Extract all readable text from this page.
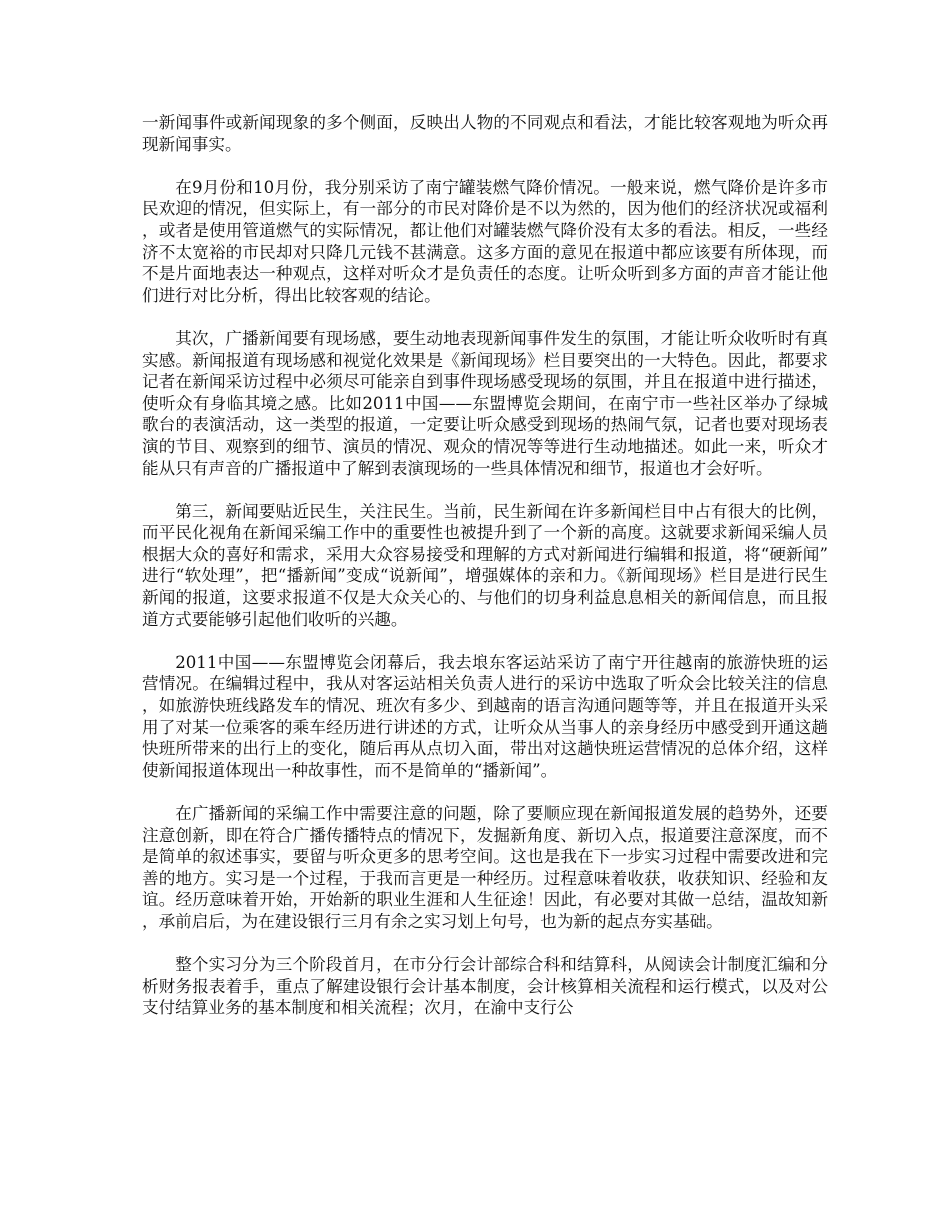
一新闻事件或新闻现象的多个侧面，反映出人物的不同观点和看法，才能比较客观地为听众再现新闻事实。

在9月份和10月份，我分别采访了南宁罐装燃气降价情况。一般来说，燃气降价是许多市民欢迎的情况，但实际上，有一部分的市民对降价是不以为然的，因为他们的经济状况或福利，或者是使用管道燃气的实际情况，都让他们对罐装燃气降价没有太多的看法。相反，一些经济不太宽裕的市民却对只降几元钱不甚满意。这多方面的意见在报道中都应该要有所体现，而不是片面地表达一种观点，这样对听众才是负责任的态度。让听众听到多方面的声音才能让他们进行对比分析，得出比较客观的结论。

其次，广播新闻要有现场感，要生动地表现新闻事件发生的氛围，才能让听众收听时有真实感。新闻报道有现场感和视觉化效果是《新闻现场》栏目要突出的一大特色。因此，都要求记者在新闻采访过程中必须尽可能亲自到事件现场感受现场的氛围，并且在报道中进行描述，使听众有身临其境之感。比如2011中国——东盟博览会期间，在南宁市一些社区举办了绿城歌台的表演活动，这一类型的报道，一定要让听众感受到现场的热闹气氛，记者也要对现场表演的节目、观察到的细节、演员的情况、观众的情况等等进行生动地描述。如此一来，听众才能从只有声音的广播报道中了解到表演现场的一些具体情况和细节，报道也才会好听。

第三，新闻要贴近民生，关注民生。当前，民生新闻在许多新闻栏目中占有很大的比例，而平民化视角在新闻采编工作中的重要性也被提升到了一个新的高度。这就要求新闻采编人员根据大众的喜好和需求，采用大众容易接受和理解的方式对新闻进行编辑和报道，将“硬新闻”进行“软处理”，把“播新闻”变成“说新闻”，增强媒体的亲和力。《新闻现场》栏目是进行民生新闻的报道，这要求报道不仅是大众关心的、与他们的切身利益息息相关的新闻信息，而且报道方式要能够引起他们收听的兴趣。

2011中国——东盟博览会闭幕后，我去埌东客运站采访了南宁开往越南的旅游快班的运营情况。在编辑过程中，我从对客运站相关负责人进行的采访中选取了听众会比较关注的信息，如旅游快班线路发车的情况、班次有多少、到越南的语言沟通问题等等，并且在报道开头采用了对某一位乘客的乘车经历进行讲述的方式，让听众从当事人的亲身经历中感受到开通这趟快班所带来的出行上的变化，随后再从点切入面，带出对这趟快班运营情况的总体介绍，这样使新闻报道体现出一种故事性，而不是简单的“播新闻”。

在广播新闻的采编工作中需要注意的问题，除了要顺应现在新闻报道发展的趋势外，还要注意创新，即在符合广播传播特点的情况下，发掘新角度、新切入点，报道要注意深度，而不是简单的叙述事实，要留与听众更多的思考空间。这也是我在下一步实习过程中需要改进和完善的地方。实习是一个过程，于我而言更是一种经历。过程意味着收获，收获知识、经验和友谊。经历意味着开始，开始新的职业生涯和人生征途！因此，有必要对其做一总结，温故知新，承前启后，为在建设银行三月有余之实习划上句号，也为新的起点夯实基础。

整个实习分为三个阶段首月，在市分行会计部综合科和结算科，从阅读会计制度汇编和分析财务报表着手，重点了解建设银行会计基本制度，会计核算相关流程和运行模式，以及对公支付结算业务的基本制度和相关流程；次月，在渝中支行公
